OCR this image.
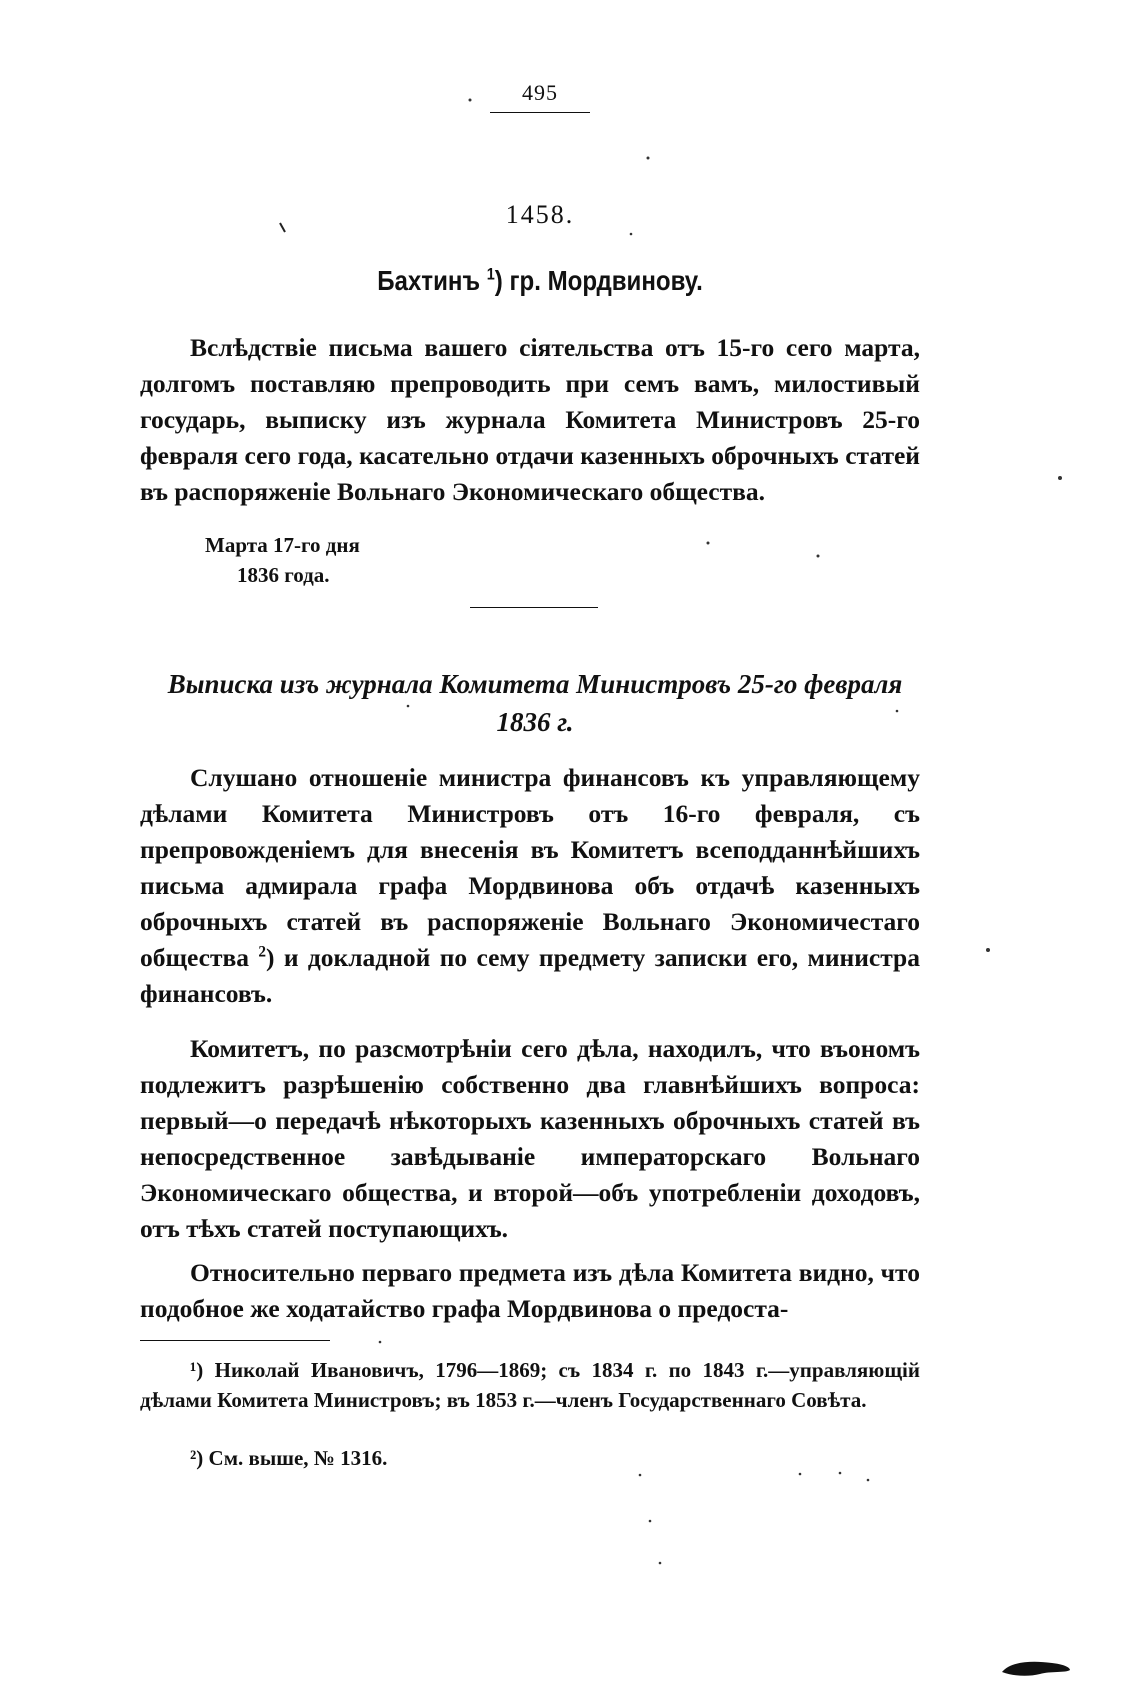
495
1458.
Бахтинъ $^1$) гр. Мордвинову.
Вслѣдствіе письма вашего сіятельства отъ 15-го сего марта, долгомъ поставляю препроводить при семъ вамъ, милостивый государь, выписку изъ журнала Комитета Министровъ 25-го февраля сего года, касательно отдачи казенныхъ оброчныхъ статей въ распоряженіе Вольнаго Экономическаго общества.
Марта 17-го дня
1836 года.
Выписка изъ журнала Комитета Министровъ 25-го февраля 1836 г.
Слушано отношеніе министра финансовъ къ управляющему дѣлами Комитета Министровъ отъ 16-го февраля, съ препровожденіемъ для внесенія въ Комитетъ всеподданнѣйшихъ письма адмирала графа Мордвинова объ отдачѣ казенныхъ оброчныхъ статей въ распоряженіе Вольнаго Экономичестаго общества $^2$) и докладной по сему предмету записки его, министра финансовъ.
Комитетъ, по разсмотрѣніи сего дѣла, находилъ, что въономъ подлежитъ разрѣшенію собственно два главнѣйшихъ вопроса: первый—о передачѣ нѣкоторыхъ казенныхъ оброчныхъ статей въ непосредственное завѣдываніе императорскаго Вольнаго Экономическаго общества, и второй—объ употребленіи доходовъ, отъ тѣхъ статей поступающихъ.
Относительно перваго предмета изъ дѣла Комитета видно, что подобное же ходатайство графа Мордвинова о предоста-
¹) Николай Ивановичъ, 1796—1869; съ 1834 г. по 1843 г.—управляющій дѣлами Комитета Министровъ; въ 1853 г.—членъ Государственнаго Совѣта.
²) См. выше, № 1316.
